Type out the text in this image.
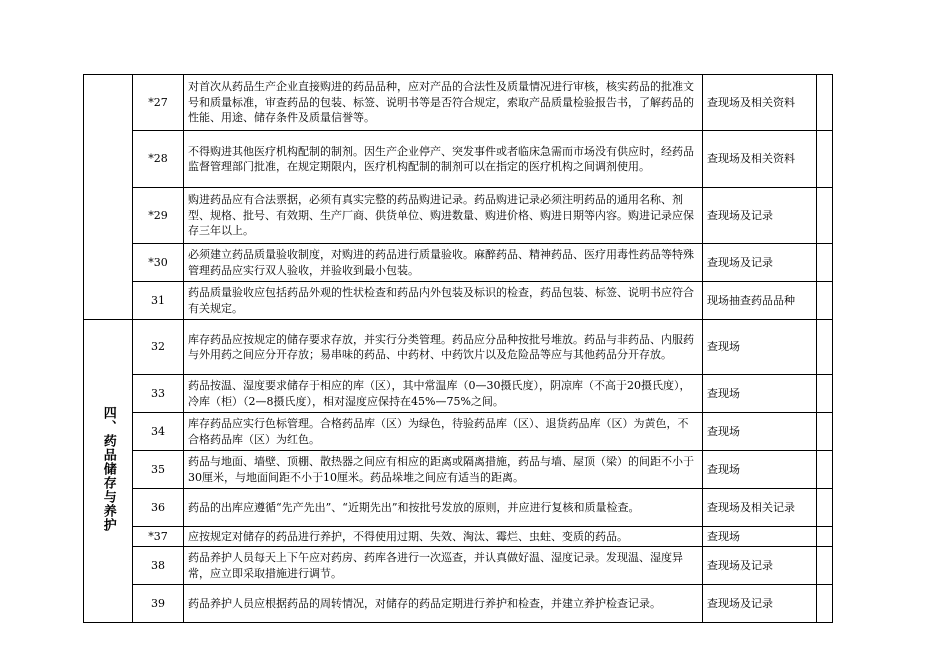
	*27	对首次从药品生产企业直接购进的药品品种，应对产品的合法性及质量情况进行审核，核实药品的批准文号和质量标准，审查药品的包装、标签、说明书等是否符合规定，索取产品质量检验报告书，了解药品的性能、用途、储存条件及质量信誉等。	查现场及相关资料	
	*28	不得购进其他医疗机构配制的制剂。因生产企业停产、突发事件或者临床急需而市场没有供应时，经药品监督管理部门批准，在规定期限内，医疗机构配制的制剂可以在指定的医疗机构之间调剂使用。	查现场及相关资料	
	*29	购进药品应有合法票据，必须有真实完整的药品购进记录。药品购进记录必须注明药品的通用名称、剂型、规格、批号、有效期、生产厂商、供货单位、购进数量、购进价格、购进日期等内容。购进记录应保存三年以上。	查现场及记录	
	*30	必须建立药品质量验收制度，对购进的药品进行质量验收。麻醉药品、精神药品、医疗用毒性药品等特殊管理药品应实行双人验收，并验收到最小包装。	查现场及记录	
	31	药品质量验收应包括药品外观的性状检查和药品内外包装及标识的检查，药品包装、标签、说明书应符合有关规定。	现场抽查药品品种	
四、药品储存与养护	32	库存药品应按规定的储存要求存放，并实行分类管理。药品应分品种按批号堆放。药品与非药品、内服药与外用药之间应分开存放；易串味的药品、中药材、中药饮片以及危险品等应与其他药品分开存放。	查现场	
	33	药品按温、湿度要求储存于相应的库（区），其中常温库（0—30摄氏度），阴凉库（不高于20摄氏度），冷库（柜）（2—8摄氏度），相对湿度应保持在45%—75%之间。	查现场	
	34	库存药品应实行色标管理。合格药品库（区）为绿色，待验药品库（区）、退货药品库（区）为黄色，不合格药品库（区）为红色。	查现场	
	35	药品与地面、墙壁、顶棚、散热器之间应有相应的距离或隔离措施，药品与墙、屋顶（梁）的间距不小于30厘米，与地面间距不小于10厘米。药品垛堆之间应有适当的距离。	查现场	
	36	药品的出库应遵循“先产先出”、“近期先出”和按批号发放的原则，并应进行复核和质量检查。	查现场及相关记录	
	*37	应按规定对储存的药品进行养护，不得使用过期、失效、淘汰、霉烂、虫蛀、变质的药品。	查现场	
	38	药品养护人员每天上下午应对药房、药库各进行一次巡查，并认真做好温、湿度记录。发现温、湿度异常，应立即采取措施进行调节。	查现场及记录	
	39	药品养护人员应根据药品的周转情况，对储存的药品定期进行养护和检查，并建立养护检查记录。	查现场及记录	
